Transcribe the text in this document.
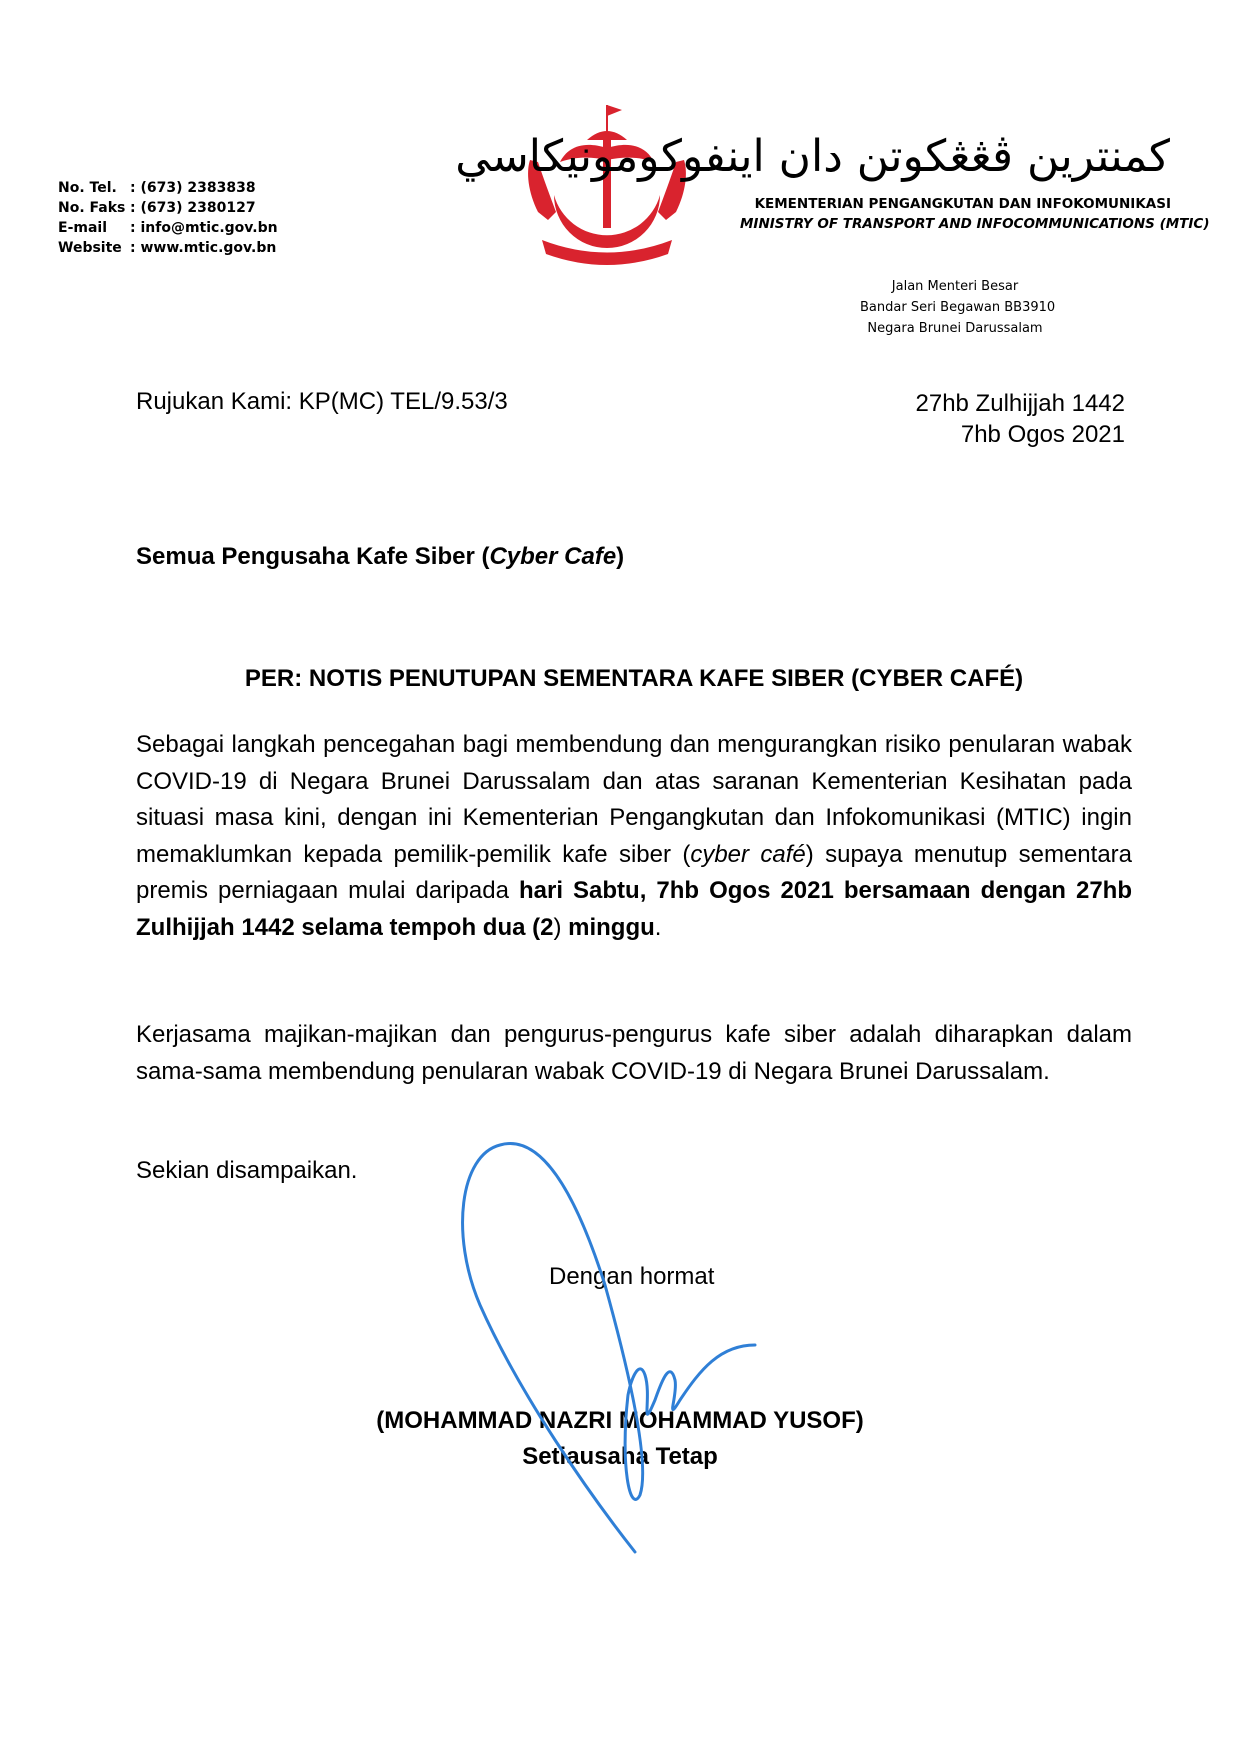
No. Tel. : (673) 2383838
No. Faks : (673) 2380127
E-mail	: info@mtic.gov.bn
Website : www.mtic.gov.bn
كمنترين ڤڠڠكوتن دان اينفوكومونيكاسي
KEMENTERIAN PENGANGKUTAN DAN INFOKOMUNIKASI
MINISTRY OF TRANSPORT AND INFOCOMMUNICATIONS (MTIC)
Jalan Menteri Besar
Bandar Seri Begawan BB3910
Negara Brunei Darussalam
Rujukan Kami: KP(MC) TEL/9.53/3	27hb Zulhijjah 1442
7hb Ogos 2021
Semua Pengusaha Kafe Siber (Cyber Cafe)
PER: NOTIS PENUTUPAN SEMENTARA KAFE SIBER (CYBER CAFÉ)
Sebagai langkah pencegahan bagi membendung dan mengurangkan risiko penularan wabak COVID-19 di Negara Brunei Darussalam dan atas saranan Kementerian Kesihatan pada situasi masa kini, dengan ini Kementerian Pengangkutan dan Infokomunikasi (MTIC) ingin memaklumkan kepada pemilik-pemilik kafe siber (cyber café) supaya menutup sementara premis perniagaan mulai daripada hari Sabtu, 7hb Ogos 2021 bersamaan dengan 27hb Zulhijjah 1442 selama tempoh dua (2) minggu.
Kerjasama majikan-majikan dan pengurus-pengurus kafe siber adalah diharapkan dalam sama-sama membendung penularan wabak COVID-19 di Negara Brunei Darussalam.
Sekian disampaikan.
Dengan hormat
(MOHAMMAD NAZRI MOHAMMAD YUSOF)
Setiausaha Tetap
